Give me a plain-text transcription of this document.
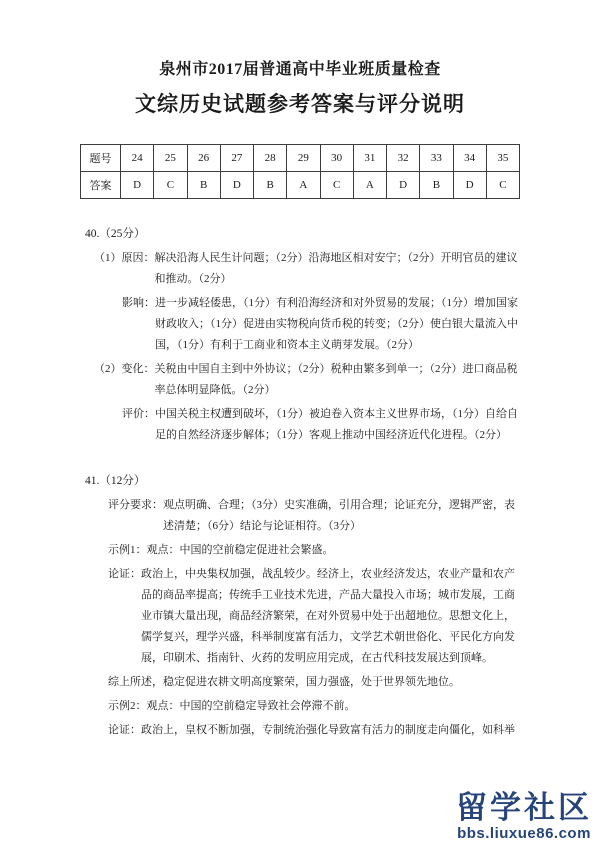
泉州市2017届普通高中毕业班质量检查
文综历史试题参考答案与评分说明
题号	24	25	26	27	28	29	30	31	32	33	34	35
答案	D	C	B	D	B	A	C	A	D	B	D	C
40.（25分）
（1）原因： 解决沿海人民生计问题；（2分）沿海地区相对安宁；（2分）开明官员的建议和推动。（2分）
影响： 进一步减轻倭患，（1分）有利沿海经济和对外贸易的发展；（1分）增加国家财政收入；（1分）促进由实物税向货币税的转变；（2分）使白银大量流入中国，（1分）有利于工商业和资本主义萌芽发展。（2分）
（2）变化： 关税由中国自主到中外协议；（2分）税种由繁多到单一；（2分）进口商品税率总体明显降低。（2分）
评价： 中国关税主权遭到破坏，（1分）被迫卷入资本主义世界市场，（1分）自给自足的自然经济逐步解体；（1分）客观上推动中国经济近代化进程。（2分）
41.（12分）
评分要求： 观点明确、合理；（3分）史实准确，引用合理；论证充分，逻辑严密，表述清楚；（6分）结论与论证相符。（3分）
示例1： 观点：中国的空前稳定促进社会繁盛。
论证： 政治上，中央集权加强，战乱较少。经济上，农业经济发达，农业产量和农产品的商品率提高；传统手工业技术先进，产品大量投入市场；城市发展，工商业市镇大量出现，商品经济繁荣，在对外贸易中处于出超地位。思想文化上，儒学复兴，理学兴盛，科举制度富有活力，文学艺术朝世俗化、平民化方向发展，印刷术、指南针、火药的发明应用完成，在古代科技发展达到顶峰。
综上所述， 稳定促进农耕文明高度繁荣，国力强盛，处于世界领先地位。
示例2： 观点：中国的空前稳定导致社会停滞不前。
论证： 政治上，皇权不断加强，专制统治强化导致富有活力的制度走向僵化，如科举
留学社区
bbs.liuxue86.com
